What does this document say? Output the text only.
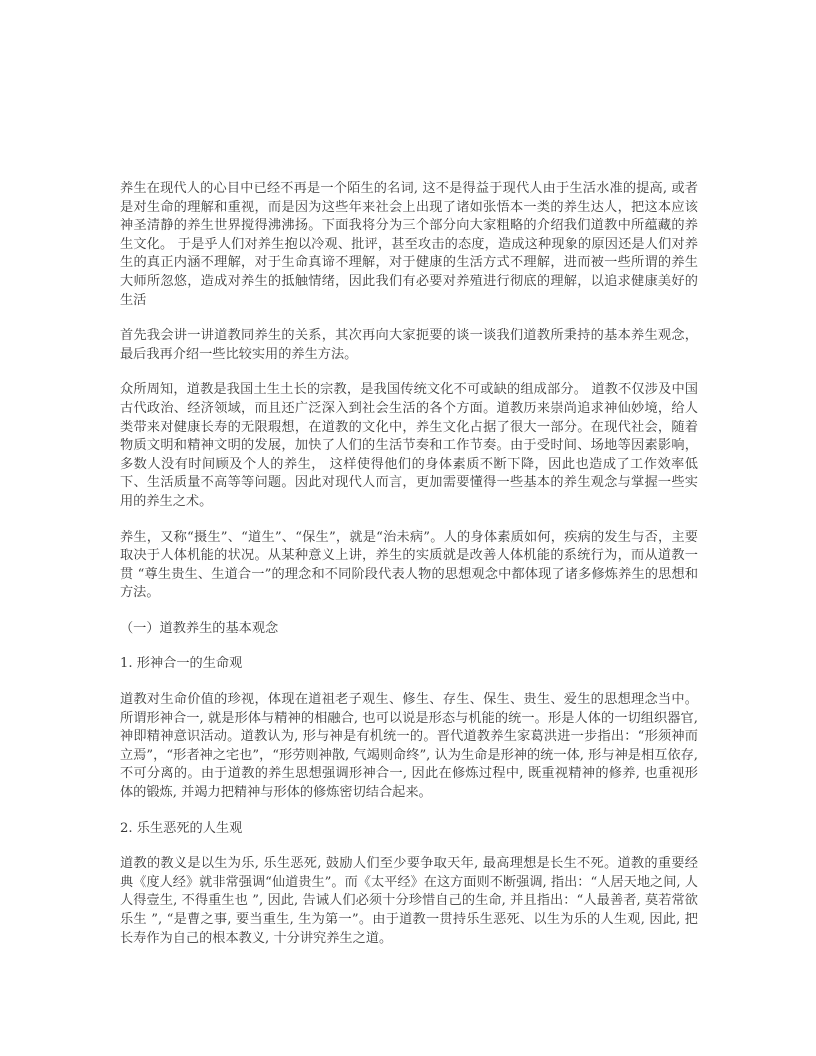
养生在现代人的心目中已经不再是一个陌生的名词, 这不是得益于现代人由于生活水准的提高, 或者是对生命的理解和重视，而是因为这些年来社会上出现了诸如张悟本一类的养生达人，把这本应该神圣清静的养生世界搅得沸沸扬。下面我将分为三个部分向大家粗略的介绍我们道教中所蕴藏的养生文化。 于是乎人们对养生抱以冷观、批评，甚至攻击的态度，造成这种现象的原因还是人们对养生的真正内涵不理解，对于生命真谛不理解，对于健康的生活方式不理解，进而被一些所谓的养生大师所忽悠，造成对养生的抵触情绪，因此我们有必要对养殖进行彻底的理解，以追求健康美好的生活

首先我会讲一讲道教同养生的关系，其次再向大家扼要的谈一谈我们道教所秉持的基本养生观念，最后我再介绍一些比较实用的养生方法。

众所周知，道教是我国土生土长的宗教，是我国传统文化不可或缺的组成部分。 道教不仅涉及中国古代政治、经济领域，而且还广泛深入到社会生活的各个方面。道教历来崇尚追求神仙妙境，给人类带来对健康长寿的无限瑕想，在道教的文化中，养生文化占据了很大一部分。在现代社会，随着物质文明和精神文明的发展，加快了人们的生活节奏和工作节奏。由于受时间、场地等因素影响，多数人没有时间顾及个人的养生， 这样使得他们的身体素质不断下降，因此也造成了工作效率低下、生活质量不高等等问题。因此对现代人而言，更加需要懂得一些基本的养生观念与掌握一些实用的养生之术。

养生，又称“摄生”、“道生”、“保生”，就是“治未病”。人的身体素质如何，疾病的发生与否，主要取决于人体机能的状况。从某种意义上讲，养生的实质就是改善人体机能的系统行为，而从道教一贯 “尊生贵生、生道合一”的理念和不同阶段代表人物的思想观念中都体现了诸多修炼养生的思想和方法。

（一）道教养生的基本观念

1. 形神合一的生命观

道教对生命价值的珍视，体现在道祖老子观生、修生、存生、保生、贵生、爱生的思想理念当中。所谓形神合一, 就是形体与精神的相融合, 也可以说是形态与机能的统一。形是人体的一切组织器官, 神即精神意识活动。道教认为, 形与神是有机统一的。晋代道教养生家葛洪进一步指出：“形须神而立焉”，“形者神之宅也”，“形劳则神散, 气竭则命终”, 认为生命是形神的统一体, 形与神是相互依存, 不可分离的。由于道教的养生思想强调形神合一, 因此在修炼过程中, 既重视精神的修养, 也重视形体的锻炼, 并竭力把精神与形体的修炼密切结合起来。

2. 乐生恶死的人生观

道教的教义是以生为乐, 乐生恶死, 鼓励人们至少要争取天年, 最高理想是长生不死。道教的重要经典《度人经》就非常强调“仙道贵生”。而《太平经》在这方面则不断强调, 指出：“人居天地之间, 人人得壹生, 不得重生也 ”, 因此, 告诫人们必须十分珍惜自己的生命, 并且指出：“人最善者, 莫若常欲乐生 ”, “是曹之事, 要当重生, 生为第一”。由于道教一贯持乐生恶死、以生为乐的人生观, 因此, 把长寿作为自己的根本教义, 十分讲究养生之道。
